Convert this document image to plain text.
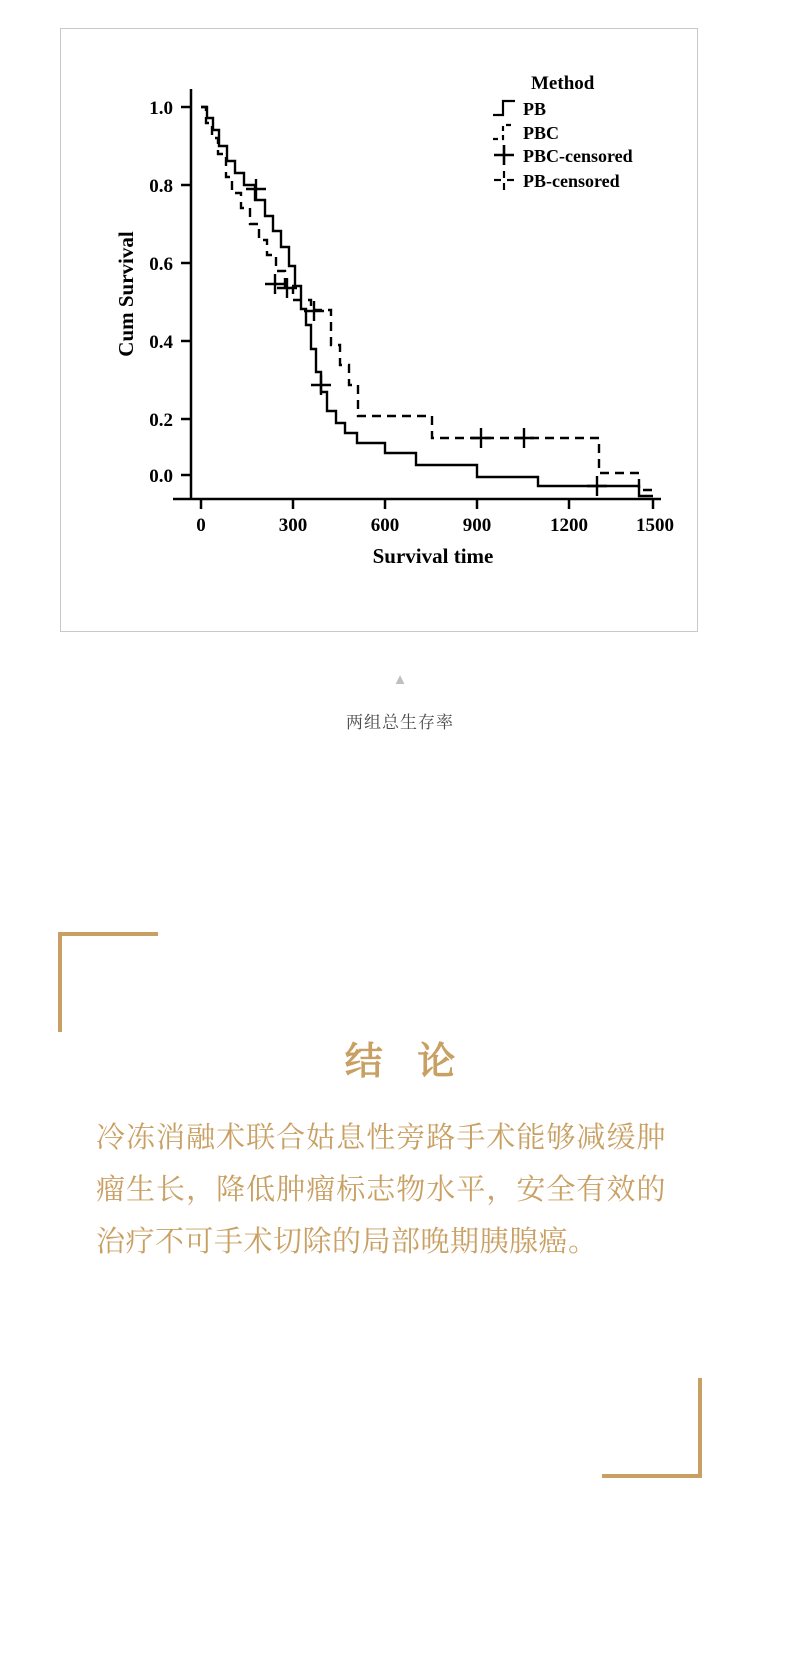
1.0
0.8
0.6
0.4
0.2
0.0
0	300	600	900	1200	1500
Survival time
Cum Survival
Method
PB
PBC
PBC-censored
PB-censored
▲
两组总生存率
结 论
冷冻消融术联合姑息性旁路手术能够减缓肿瘤生长，降低肿瘤标志物水平，安全有效的治疗不可手术切除的局部晚期胰腺癌。
